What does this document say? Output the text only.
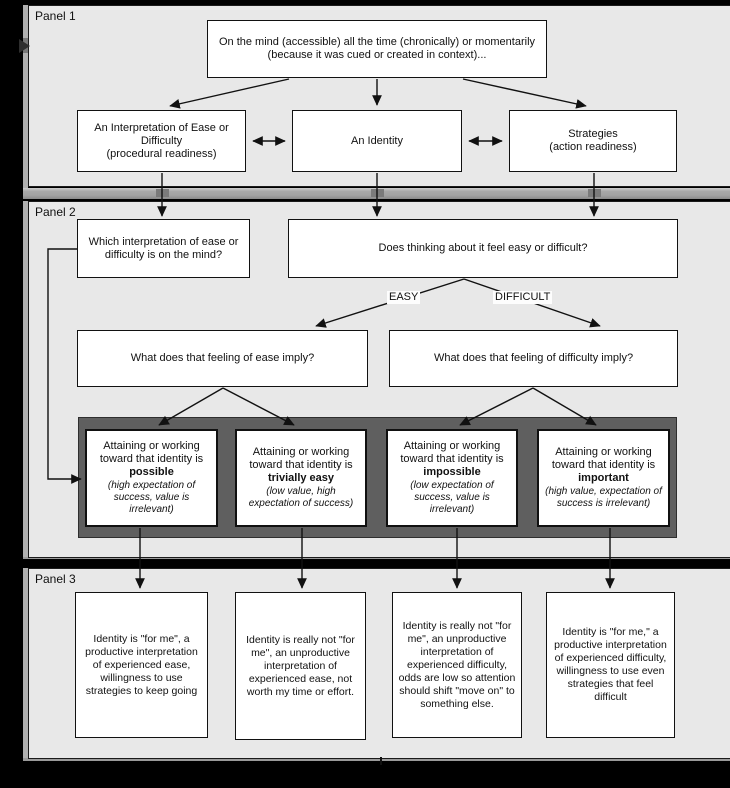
Panel 1
Panel 2
Panel 3
On the mind (accessible) all the time (chronically) or momentarily (because it was cued or created in context)...
An Interpretation of Ease or Difficulty
(procedural readiness)
An Identity
Strategies
(action readiness)
Which interpretation of ease or difficulty is on the mind?
Does thinking about it feel easy or difficult?
What does that feeling of ease imply?	What does that feeling of difficulty imply?
Attaining or working toward that identity is
possible
(high expectation of success, value is irrelevant)
Attaining or working toward that identity is
trivially easy
(low value, high expectation of success)
Attaining or working toward that identity is
impossible
(low expectation of success, value is irrelevant)
Attaining or working toward that identity is
important
(high value, expectation of success is irrelevant)
Identity is "for me", a productive interpretation of experienced ease, willingness to use strategies to keep going
Identity is really not "for me", an unproductive interpretation of experienced ease, not worth my time or effort.
Identity is really not "for me", an unproductive interpretation of experienced difficulty, odds are low so attention should shift "move on" to something else.
Identity is "for me," a productive interpretation of experienced difficulty, willingness to use even strategies that feel difficult
EASY	DIFFICULT
